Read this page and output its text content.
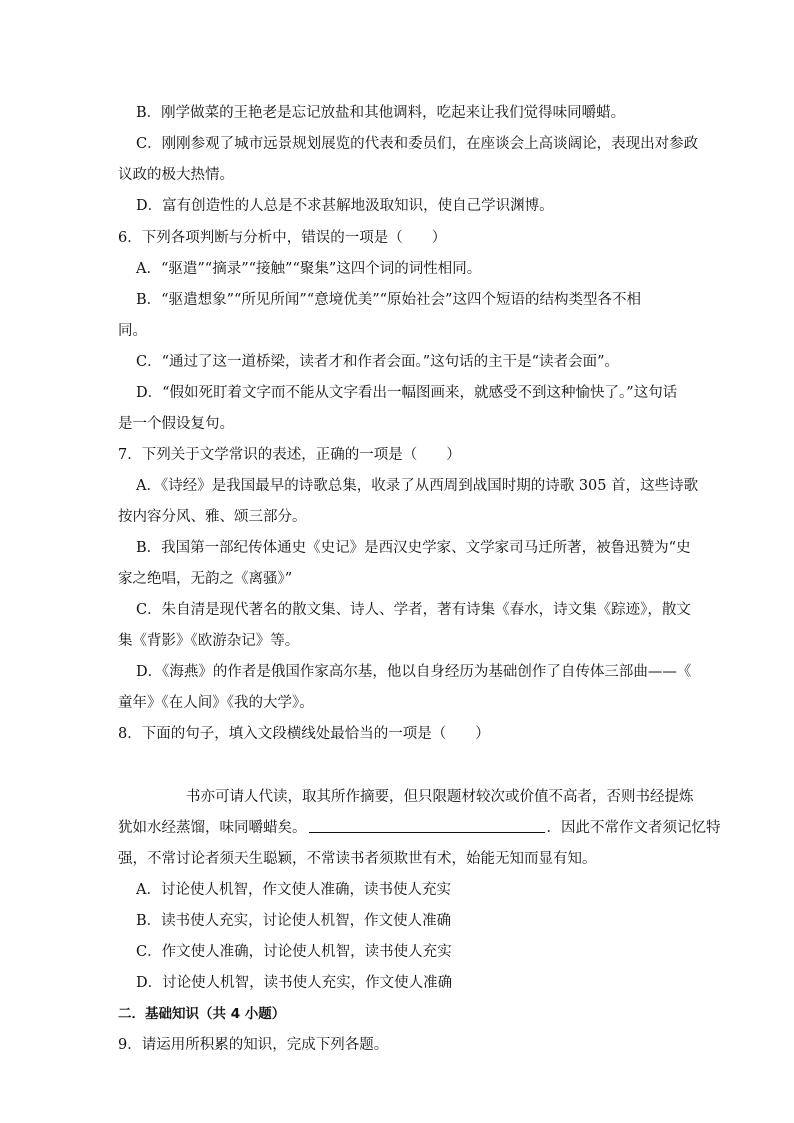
B．刚学做菜的王艳老是忘记放盐和其他调料，吃起来让我们觉得味同嚼蜡。
C．刚刚参观了城市远景规划展览的代表和委员们，在座谈会上高谈阔论，表现出对参政
议政的极大热情。
D．富有创造性的人总是不求甚解地汲取知识，使自己学识渊博。
6．下列各项判断与分析中，错误的一项是（　　）
A．“驱遣”“摘录”“接触”“聚集”这四个词的词性相同。
B．“驱遣想象”“所见所闻”“意境优美”“原始社会”这四个短语的结构类型各不相
同。
C．“通过了这一道桥梁，读者才和作者会面。”这句话的主干是“读者会面”。
D．“假如死盯着文字而不能从文字看出一幅图画来，就感受不到这种愉快了。”这句话
是一个假设复句。
7．下列关于文学常识的表述，正确的一项是（　　）
A．《诗经》是我国最早的诗歌总集，收录了从西周到战国时期的诗歌 305 首，这些诗歌
按内容分风、雅、颂三部分。
B．我国第一部纪传体通史《史记》是西汉史学家、文学家司马迁所著，被鲁迅赞为“史
家之绝唱，无韵之《离骚》”
C．朱自清是现代著名的散文集、诗人、学者，著有诗集《春水，诗文集《踪迹》，散文
集《背影》《欧游杂记》等。
D．《海燕》的作者是俄国作家高尔基，他以自身经历为基础创作了自传体三部曲——《
童年》《在人间》《我的大学》。
8．下面的句子，填入文段横线处最恰当的一项是（　　）
书亦可请人代读，取其所作摘要，但只限题材较次或价值不高者，否则书经提炼
犹如水经蒸馏，味同嚼蜡矣。	．因此不常作文者须记忆特
强，不常讨论者须天生聪颖，不常读书者须欺世有术，始能无知而显有知。
A．讨论使人机智，作文使人准确，读书使人充实
B．读书使人充实，讨论使人机智，作文使人准确
C．作文使人准确，讨论使人机智，读书使人充实
D．讨论使人机智，读书使人充实，作文使人准确
二．基础知识（共 4 小题）
9．请运用所积累的知识，完成下列各题。
